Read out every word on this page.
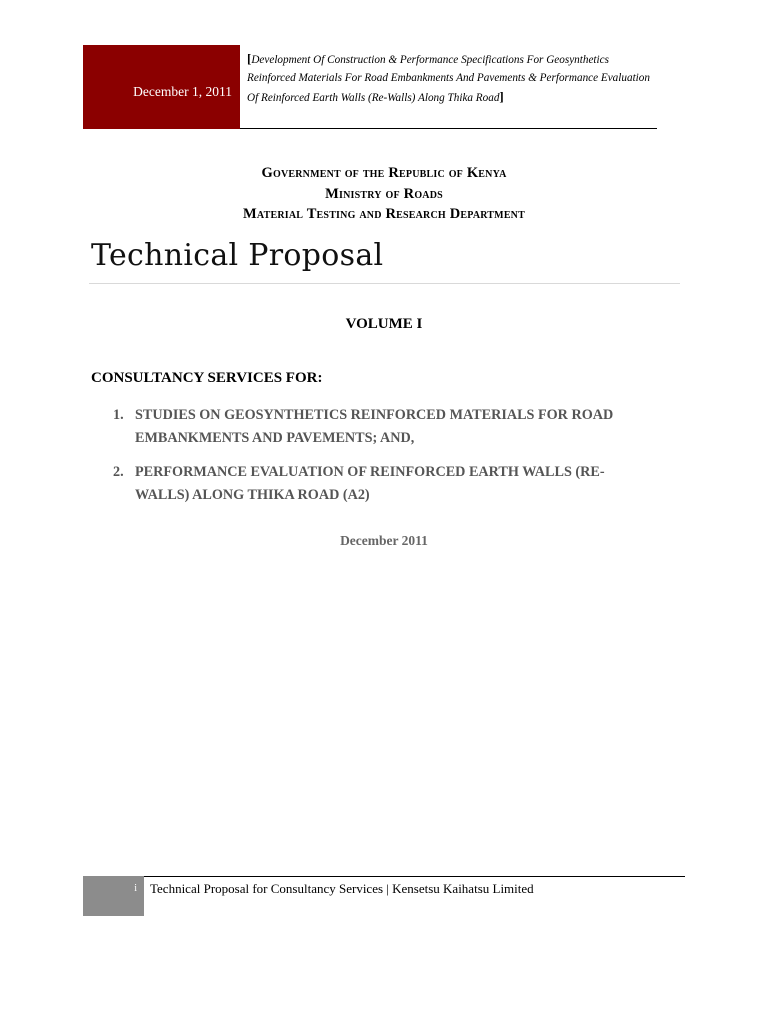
December 1, 2011
[Development Of Construction & Performance Specifications For Geosynthetics Reinforced Materials For Road Embankments And Pavements & Performance Evaluation Of Reinforced Earth Walls (Re-Walls) Along Thika Road]
Government of the Republic of Kenya
Ministry of Roads
Material Testing and Research Department
Technical Proposal
VOLUME I
CONSULTANCY SERVICES FOR:
1. STUDIES ON GEOSYNTHETICS REINFORCED MATERIALS FOR ROAD EMBANKMENTS AND PAVEMENTS; AND,
2. PERFORMANCE EVALUATION OF REINFORCED EARTH WALLS (RE-WALLS) ALONG THIKA ROAD (A2)
December 2011
i	Technical Proposal for Consultancy Services | Kensetsu Kaihatsu Limited
